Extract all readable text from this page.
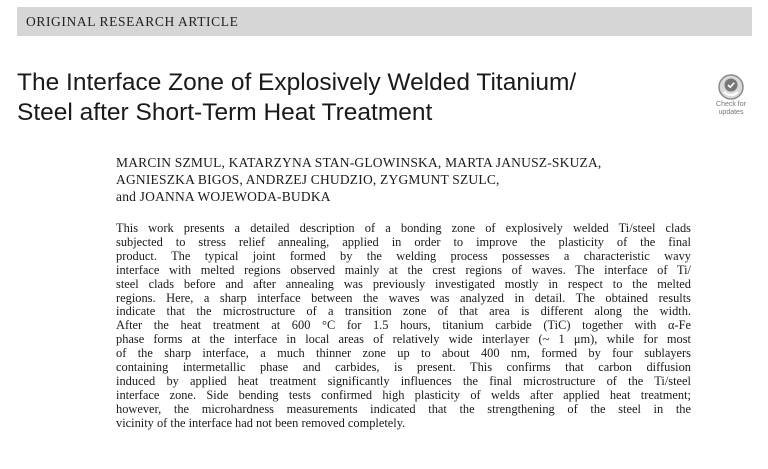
ORIGINAL RESEARCH ARTICLE
The Interface Zone of Explosively Welded Titanium/
Steel after Short-Term Heat Treatment	Check for
updates
MARCIN SZMUL, KATARZYNA STAN-GLOWINSKA, MARTA JANUSZ-SKUZA,
AGNIESZKA BIGOS, ANDRZEJ CHUDZIO, ZYGMUNT SZULC,
and JOANNA WOJEWODA-BUDKA
This work presents a detailed description of a bonding zone of explosively welded Ti/steel clads
subjected to stress relief annealing, applied in order to improve the plasticity of the final
product. The typical joint formed by the welding process possesses a characteristic wavy
interface with melted regions observed mainly at the crest regions of waves. The interface of Ti/
steel clads before and after annealing was previously investigated mostly in respect to the melted
regions. Here, a sharp interface between the waves was analyzed in detail. The obtained results
indicate that the microstructure of a transition zone of that area is different along the width.
After the heat treatment at 600 °C for 1.5 hours, titanium carbide (TiC) together with α-Fe
phase forms at the interface in local areas of relatively wide interlayer (~ 1 μm), while for most
of the sharp interface, a much thinner zone up to about 400 nm, formed by four sublayers
containing intermetallic phase and carbides, is present. This confirms that carbon diffusion
induced by applied heat treatment significantly influences the final microstructure of the Ti/steel
interface zone. Side bending tests confirmed high plasticity of welds after applied heat treatment;
however, the microhardness measurements indicated that the strengthening of the steel in the
vicinity of the interface had not been removed completely.
